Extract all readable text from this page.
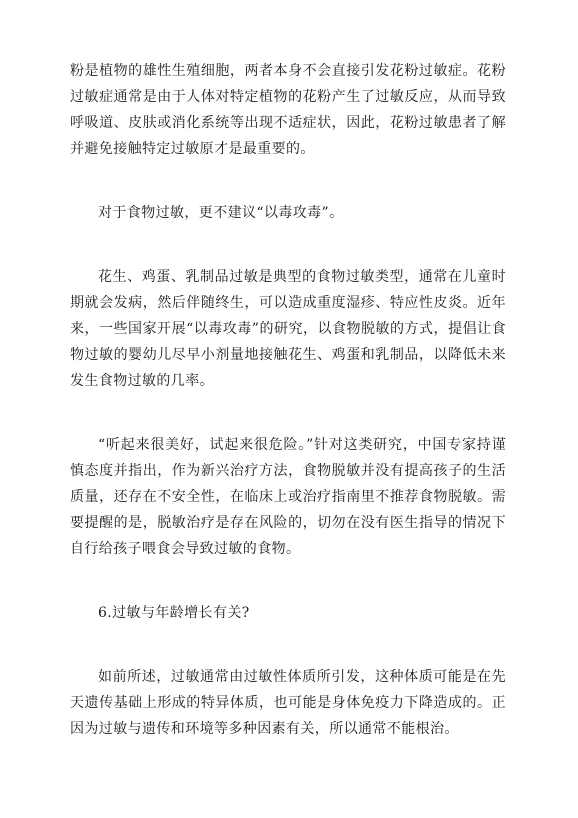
粉是植物的雄性生殖细胞，两者本身不会直接引发花粉过敏症。花粉过敏症通常是由于人体对特定植物的花粉产生了过敏反应，从而导致呼吸道、皮肤或消化系统等出现不适症状，因此，花粉过敏患者了解并避免接触特定过敏原才是最重要的。

对于食物过敏，更不建议“以毒攻毒”。

花生、鸡蛋、乳制品过敏是典型的食物过敏类型，通常在儿童时期就会发病，然后伴随终生，可以造成重度湿疹、特应性皮炎。近年来，一些国家开展“以毒攻毒”的研究，以食物脱敏的方式，提倡让食物过敏的婴幼儿尽早小剂量地接触花生、鸡蛋和乳制品，以降低未来发生食物过敏的几率。

“听起来很美好，试起来很危险。”针对这类研究，中国专家持谨慎态度并指出，作为新兴治疗方法，食物脱敏并没有提高孩子的生活质量，还存在不安全性，在临床上或治疗指南里不推荐食物脱敏。需要提醒的是，脱敏治疗是存在风险的，切勿在没有医生指导的情况下自行给孩子喂食会导致过敏的食物。

6.过敏与年龄增长有关?

如前所述，过敏通常由过敏性体质所引发，这种体质可能是在先天遗传基础上形成的特异体质，也可能是身体免疫力下降造成的。正因为过敏与遗传和环境等多种因素有关，所以通常不能根治。
